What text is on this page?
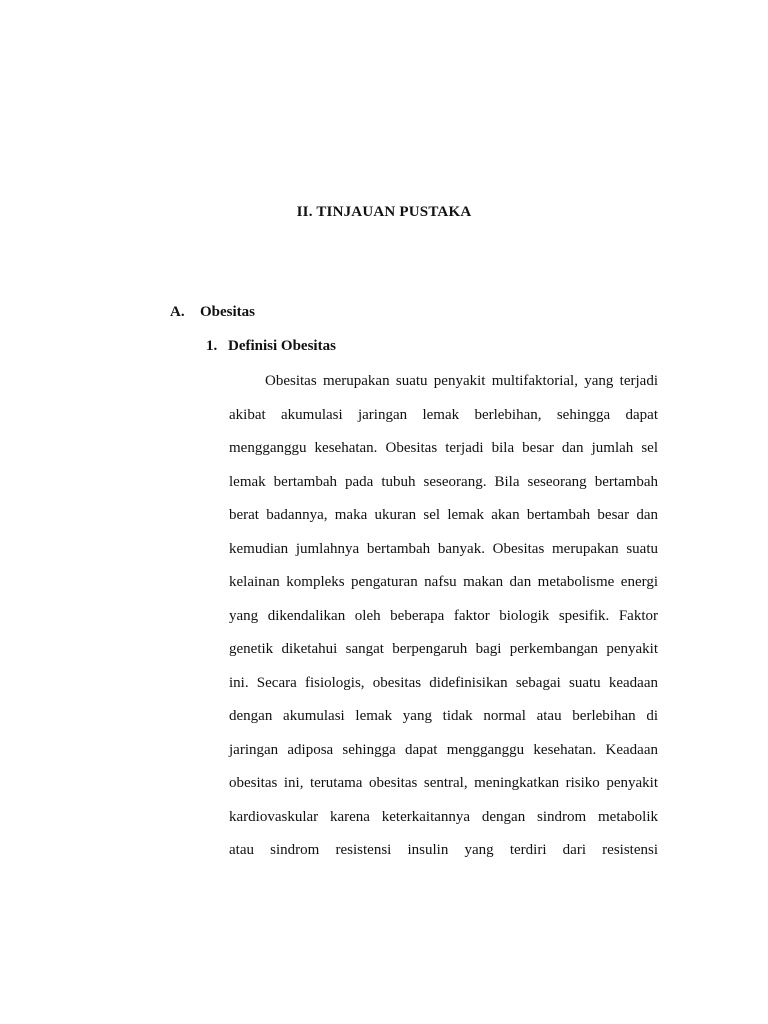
II. TINJAUAN PUSTAKA
A. Obesitas
1. Definisi Obesitas
Obesitas merupakan suatu penyakit multifaktorial, yang terjadi
akibat akumulasi jaringan lemak berlebihan, sehingga dapat
mengganggu kesehatan. Obesitas terjadi bila besar dan jumlah sel
lemak bertambah pada tubuh seseorang. Bila seseorang bertambah
berat badannya, maka ukuran sel lemak akan bertambah besar dan
kemudian jumlahnya bertambah banyak. Obesitas merupakan suatu
kelainan kompleks pengaturan nafsu makan dan metabolisme energi
yang dikendalikan oleh beberapa faktor biologik spesifik. Faktor
genetik diketahui sangat berpengaruh bagi perkembangan penyakit
ini. Secara fisiologis, obesitas didefinisikan sebagai suatu keadaan
dengan akumulasi lemak yang tidak normal atau berlebihan di
jaringan adiposa sehingga dapat mengganggu kesehatan. Keadaan
obesitas ini, terutama obesitas sentral, meningkatkan risiko penyakit
kardiovaskular karena keterkaitannya dengan sindrom metabolik
atau sindrom resistensi insulin yang terdiri dari resistensi
